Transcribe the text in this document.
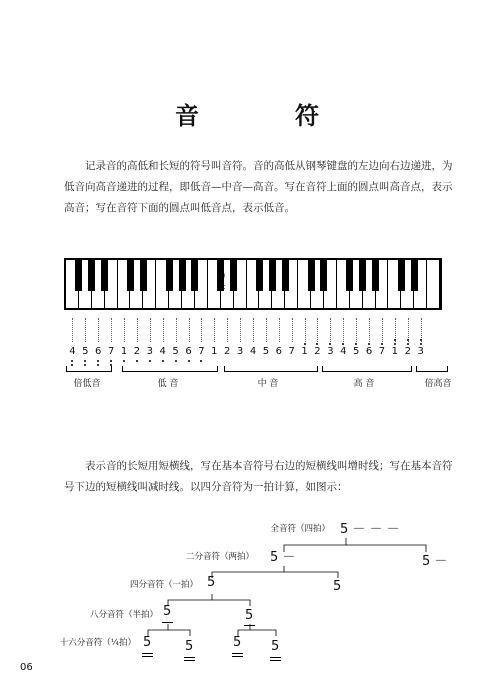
音　符

记录音的高低和长短的符号叫音符。音的高低从钢琴键盘的左边向右边递进，为低音向高音递进的过程，即低音—中音—高音。写在音符上面的圆点叫高音点，表示高音；写在音符下面的圆点叫低音点，表示低音。

中央
4 5 6 7 1 2 3 4 5 6 7 1 2 3 4 5 6 7 1 2 3 4 5 6 7 1 2 3
倍低音	低 音	中 音	高 音	倍高音

表示音的长短用短横线，写在基本音符号右边的短横线叫增时线；写在基本音符号下边的短横线叫减时线。以四分音符为一拍计算，如图示：

全音符（四拍） 5 － － －
二分音符（两拍） 5 －	5 －
四分音符（一拍） 5	5
八分音符（半拍） 5	5
十六分音符（¼拍） 5	5	5 5
06
